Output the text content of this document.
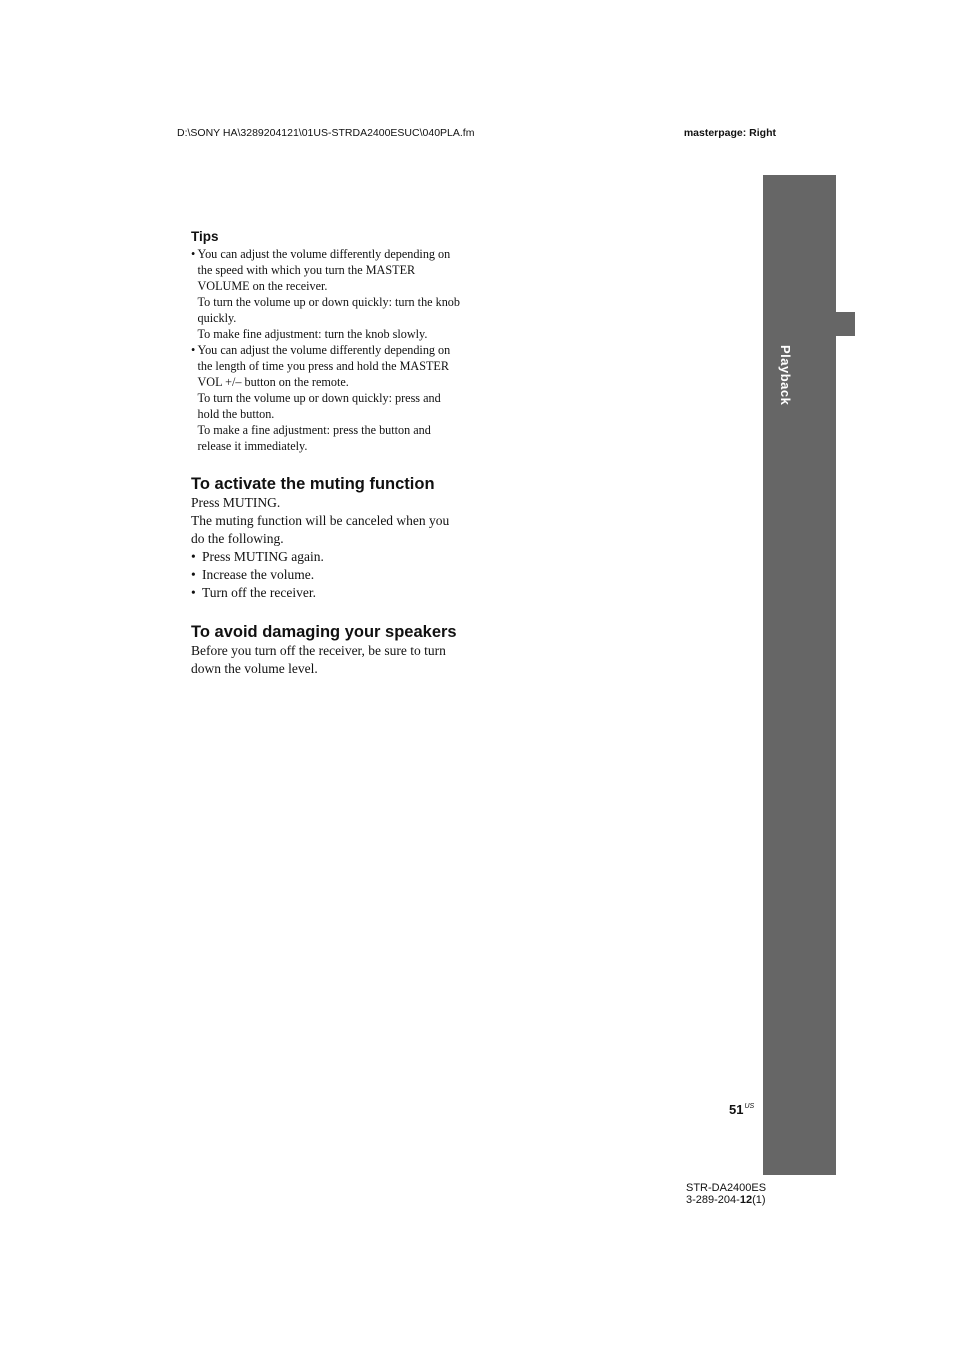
D:\SONY HA\3289204121\01US-STRDA2400ESUC\040PLA.fm	masterpage: Right
Playback
Tips

• You can adjust the volume differently depending on the speed with which you turn the MASTER VOLUME on the receiver.

To turn the volume up or down quickly: turn the knob quickly.

To make fine adjustment: turn the knob slowly.

• You can adjust the volume differently depending on the length of time you press and hold the MASTER VOL +/– button on the remote.

To turn the volume up or down quickly: press and hold the button.

To make a fine adjustment: press the button and release it immediately.

To activate the muting function

Press MUTING.

The muting function will be canceled when you do the following.

• Press MUTING again.
• Increase the volume.
• Turn off the receiver.
To avoid damaging your speakers

Before you turn off the receiver, be sure to turn down the volume level.

$51^{US}$
STR-DA2400ES
3-289-204-12(1)
